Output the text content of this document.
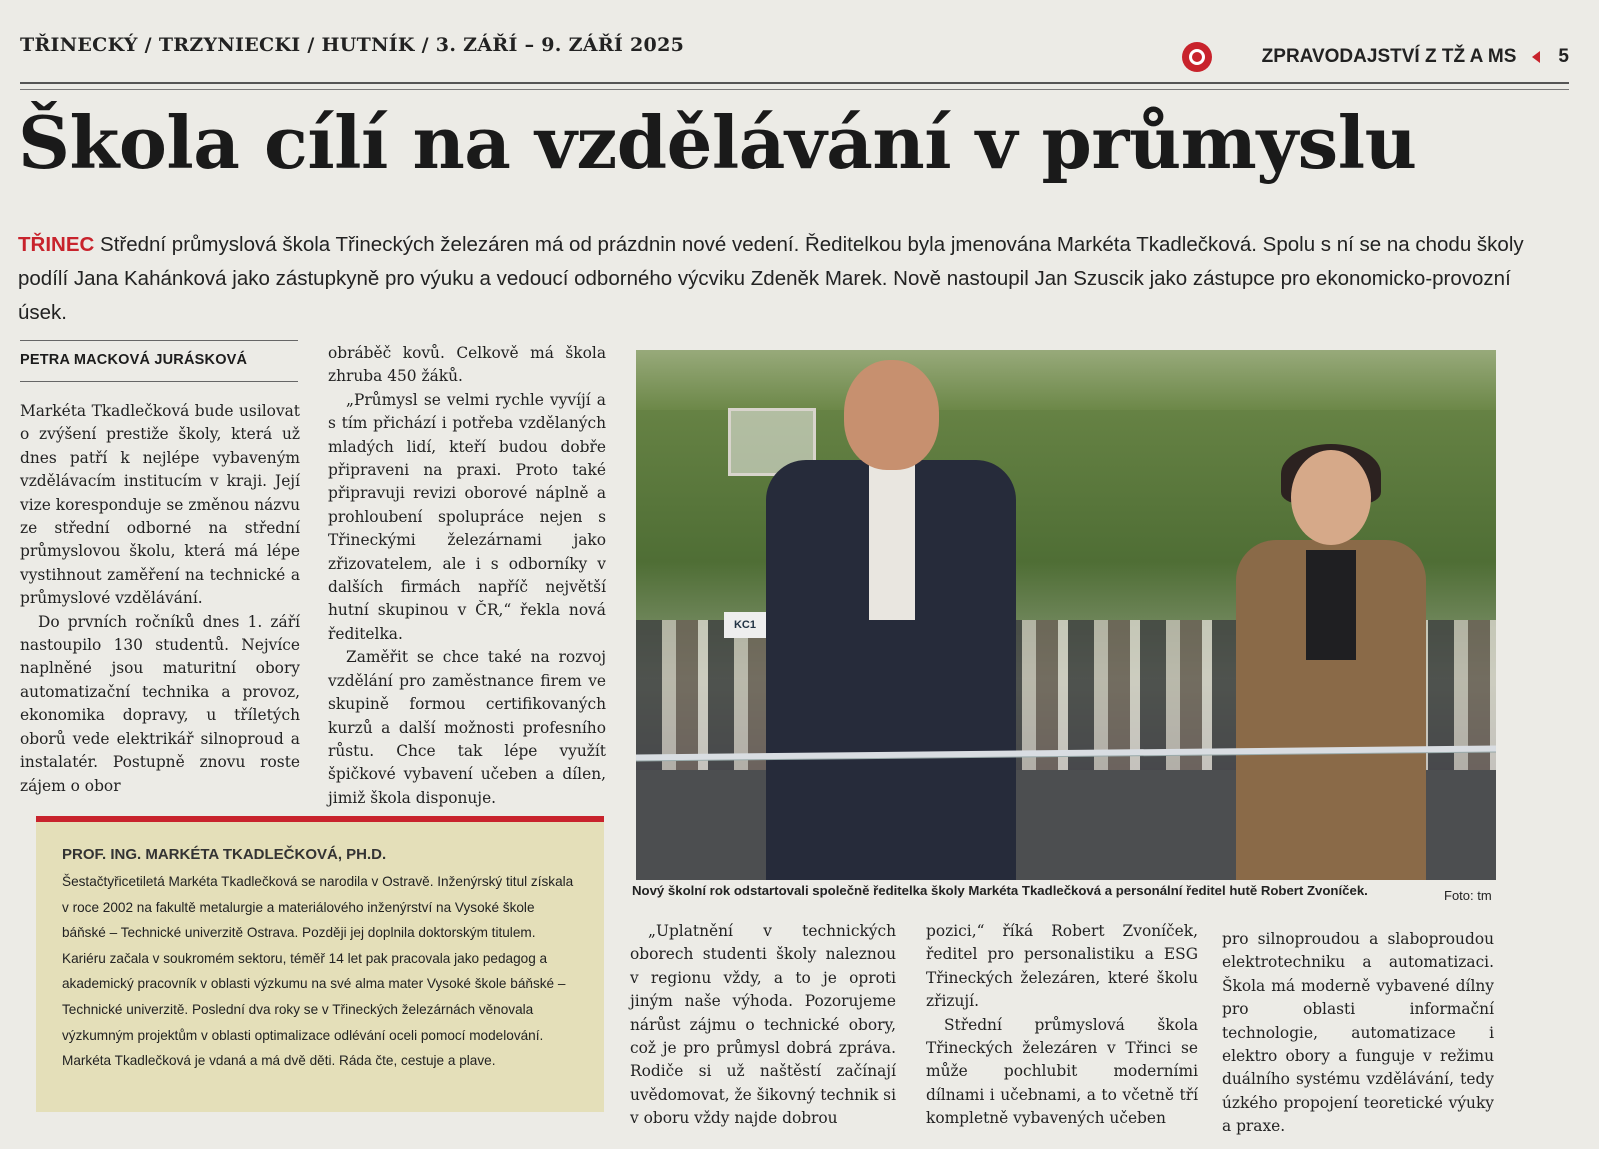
TŘINECKÝ / TRZYNIECKI / HUTNÍK / 3. ZÁŘÍ – 9. ZÁŘÍ 2025
ZPRAVODAJSTVÍ Z TŽ A MS 5
Škola cílí na vzdělávání v průmyslu
TŘINEC Střední průmyslová škola Třineckých železáren má od prázdnin nové vedení. Ředitelkou byla jmenována Markéta Tkadlečková. Spolu s ní se na chodu školy podílí Jana Kahánková jako zástupkyně pro výuku a vedoucí odborného výcviku Zdeněk Marek. Nově nastoupil Jan Szuscik jako zástupce pro ekonomicko-provozní úsek.
PETRA MACKOVÁ JURÁSKOVÁ

Markéta Tkadlečková bude usilovat o zvýšení prestiže školy, která už dnes patří k nejlépe vybaveným vzdělávacím institucím v kraji. Její vize koresponduje se změnou názvu ze střední odborné na střední průmyslovou školu, která má lépe vystihnout zaměření na technické a průmyslové vzdělávání.

Do prvních ročníků dnes 1. září nastoupilo 130 studentů. Nejvíce naplněné jsou maturitní obory automatizační technika a provoz, ekonomika dopravy, u tříletých oborů vede elektrikář silnoproud a instalatér. Postupně znovu roste zájem o obor

obráběč kovů. Celkově má škola zhruba 450 žáků.

„Průmysl se velmi rychle vyvíjí a s tím přichází i potřeba vzdělaných mladých lidí, kteří budou dobře připraveni na praxi. Proto také připravuji revizi oborové náplně a prohloubení spolupráce nejen s Třineckými železárnami jako zřizovatelem, ale i s odborníky v dalších firmách napříč největší hutní skupinou v ČR,“ řekla nová ředitelka.

Zaměřit se chce také na rozvoj vzdělání pro zaměstnance firem ve skupině formou certifikovaných kurzů a další možnosti profesního růstu. Chce tak lépe využít špičkové vybavení učeben a dílen, jimiž škola disponuje.

KC1
Nový školní rok odstartovali společně ředitelka školy Markéta Tkadlečková a personální ředitel hutě Robert Zvoníček.	Foto: tm

„Uplatnění v technických oborech studenti školy naleznou v regionu vždy, a to je oproti jiným naše výhoda. Pozorujeme nárůst zájmu o technické obory, což je pro průmysl dobrá zpráva. Rodiče si už naštěstí začínají uvědomovat, že šikovný technik si v oboru vždy najde dobrou

pozici,“ říká Robert Zvoníček, ředitel pro personalistiku a ESG Třineckých železáren, které školu zřizují.

Střední průmyslová škola Třineckých železáren v Třinci se může pochlubit moderními dílnami i učebnami, a to včetně tří kompletně vybavených učeben

pro silnoproudou a slaboproudou elektrotechniku a automatizaci. Škola má moderně vybavené dílny pro oblasti informační technologie, automatizace i elektro obory a funguje v režimu duálního systému vzdělávání, tedy úzkého propojení teoretické výuky a praxe.

PROF. ING. MARKÉTA TKADLEČKOVÁ, PH.D.
Šestačtyřicetiletá Markéta Tkadlečková se narodila v Ostravě. Inženýrský titul získala v roce 2002 na fakultě metalurgie a materiálového inženýrství na Vysoké škole báňské – Technické univerzitě Ostrava. Později jej doplnila doktorským titulem. Kariéru začala v soukromém sektoru, téměř 14 let pak pracovala jako pedagog a akademický pracovník v oblasti výzkumu na své alma mater Vysoké škole báňské – Technické univerzitě. Poslední dva roky se v Třineckých železárnách věnovala výzkumným projektům v oblasti optimalizace odlévání oceli pomocí modelování. Markéta Tkadlečková je vdaná a má dvě děti. Ráda čte, cestuje a plave.
